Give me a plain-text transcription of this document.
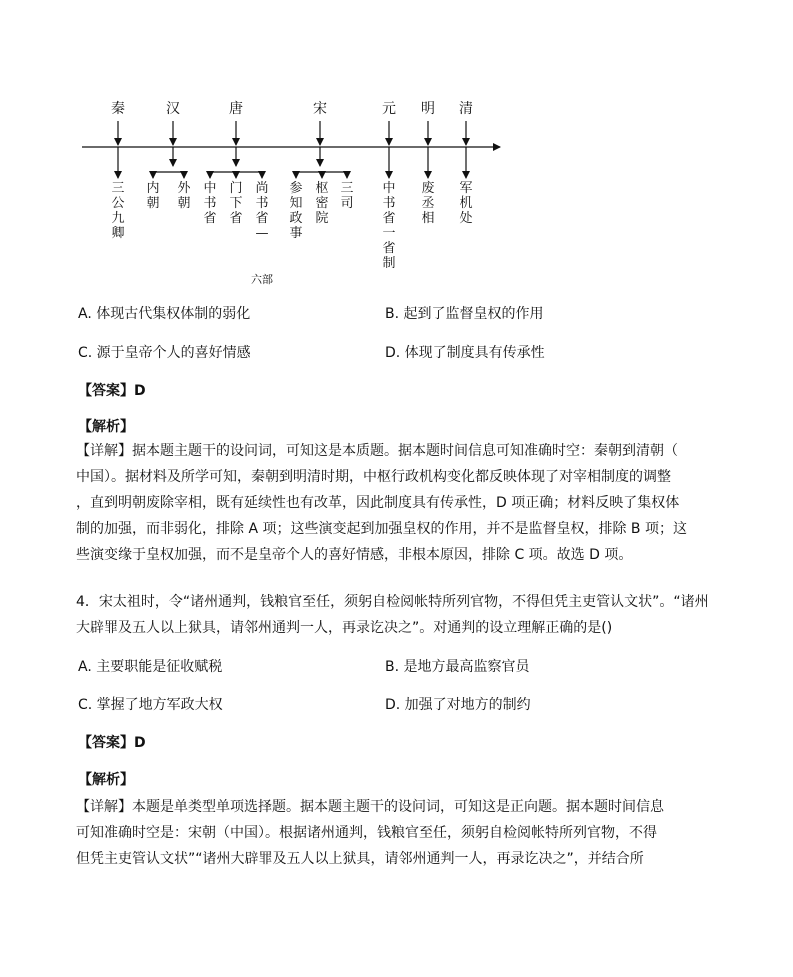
秦
三
公
九
卿
汉
内
朝
外
朝
唐
中
书
省
门
下
省
尚
书
省
—
宋
参
知
政
事
枢
密
院
三
司
元
中
书
省
一
省
制
明
废
丞
相
清
军
机
处
六部
A. 体现古代集权体制的弱化	B. 起到了监督皇权的作用
C. 源于皇帝个人的喜好情感	D. 体现了制度具有传承性
【答案】D
【解析】

【详解】据本题主题干的设问词，可知这是本质题。据本题时间信息可知准确时空：秦朝到清朝（

中国）。据材料及所学可知，秦朝到明清时期，中枢行政机构变化都反映体现了对宰相制度的调整

，直到明朝废除宰相，既有延续性也有改革，因此制度具有传承性，D 项正确；材料反映了集权体

制的加强，而非弱化，排除 A 项；这些演变起到加强皇权的作用，并不是监督皇权，排除 B 项；这

些演变缘于皇权加强，而不是皇帝个人的喜好情感，非根本原因，排除 C 项。故选 D 项。

4．宋太祖时，令“诸州通判，钱粮官至任，须躬自检阅帐特所列官物，不得但凭主吏管认文状”。“诸州

大辟罪及五人以上狱具，请邻州通判一人，再录讫决之”。对通判的设立理解正确的是()

A. 主要职能是征收赋税	B. 是地方最高监察官员
C. 掌握了地方军政大权	D. 加强了对地方的制约
【答案】D
【解析】

【详解】本题是单类型单项选择题。据本题主题干的设问词，可知这是正向题。据本题时间信息

可知准确时空是：宋朝（中国）。根据诸州通判，钱粮官至任，须躬自检阅帐特所列官物，不得

但凭主吏管认文状”“诸州大辟罪及五人以上狱具，请邻州通判一人，再录讫决之”，并结合所
